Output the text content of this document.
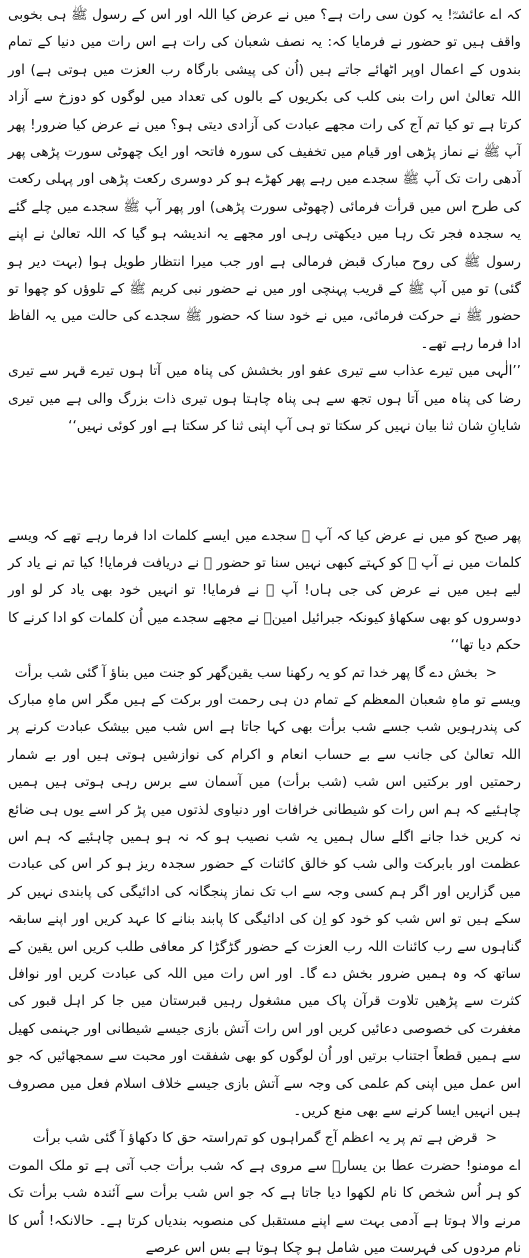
کہ اے عائشہؓ! یہ کون سی رات ہے؟ میں نے عرض کیا اللہ اور اس کے رسول ﷺ ہی بخوبی واقف ہیں تو حضور نے فرمایا کہ: یہ نصف شعبان کی رات ہے اس رات میں دنیا کے تمام بندوں کے اعمال اوپر اٹھائے جاتے ہیں (اُن کی پیشی بارگاہ رب العزت میں ہوتی ہے) اور اللہ تعالیٰ اس رات بنی کلب کی بکریوں کے بالوں کی تعداد میں لوگوں کو دوزخ سے آزاد کرتا ہے تو کیا تم آج کی رات مجھے عبادت کی آزادی دیتی ہو؟ میں نے عرض کیا ضرور! پھر آپ ﷺ نے نماز پڑھی اور قیام میں تخفیف کی سورہ فاتحہ اور ایک چھوٹی سورت پڑھی پھر آدھی رات تک آپ ﷺ سجدے میں رہے پھر کھڑے ہو کر دوسری رکعت پڑھی اور پہلی رکعت کی طرح اس میں قرأت فرمائی (چھوٹی سورت پڑھی) اور پھر آپ ﷺ سجدے میں چلے گئے یہ سجدہ فجر تک رہا میں دیکھتی رہی اور مجھے یہ اندیشہ ہو گیا کہ اللہ تعالیٰ نے اپنے رسول ﷺ کی روح مبارک قبض فرمالی ہے اور جب میرا انتظار طویل ہوا (بہت دیر ہو گئی) تو میں آپ ﷺ کے قریب پہنچی اور میں نے حضور نبی کریم ﷺ کے تلوؤں کو چھوا تو حضور ﷺ نے حرکت فرمائی، میں نے خود سنا کہ حضور ﷺ سجدے کی حالت میں یہ الفاظ ادا فرما رہے تھے۔

’’الٰہی میں تیرے عذاب سے تیری عفو اور بخشش کی پناہ میں آتا ہوں تیرے قہر سے تیری رضا کی پناہ میں آتا ہوں تجھ سے ہی پناہ چاہتا ہوں تیری ذات بزرگ والی ہے میں تیری شایانِ شان ثنا بیان نہیں کر سکتا تو ہی آپ اپنی ثنا کر سکتا ہے اور کوئی نہیں‘‘

پھر صبح کو میں نے عرض کیا کہ آپ ﷺ سجدے میں ایسے کلمات ادا فرما رہے تھے کہ ویسے کلمات میں نے آپ ﷺ کو کہتے کبھی نہیں سنا تو حضور ﷺ نے دریافت فرمایا! کیا تم نے یاد کر لیے ہیں میں نے عرض کی جی ہاں! آپ ﷺ نے فرمایا! تو انہیں خود بھی یاد کر لو اور دوسروں کو بھی سکھاؤ کیونکہ جبرائیل امینؑ نے مجھے سجدے میں اُن کلمات کو ادا کرنے کا حکم دیا تھا‘‘

<بخش دے گا پھر خدا تم کو یہ رکھنا سب یقین
گھر کو جنت میں بناؤ آ گئی شب برأت

ویسے تو ماہِ شعبان المعظم کے تمام دن ہی رحمت اور برکت کے ہیں مگر اس ماہِ مبارک کی پندرہویں شب جسے شب برأت بھی کہا جاتا ہے اس شب میں بیشک عبادت کرنے پر اللہ تعالیٰ کی جانب سے بے حساب انعام و اکرام کی نوازشیں ہوتی ہیں اور بے شمار رحمتیں اور برکتیں اس شب (شب برأت) میں آسمان سے برس رہی ہوتی ہیں ہمیں چاہئیے کہ ہم اس رات کو شیطانی خرافات اور دنیاوی لذتوں میں پڑ کر اسے یوں ہی ضائع نہ کریں خدا جانے اگلے سال ہمیں یہ شب نصیب ہو کہ نہ ہو ہمیں چاہئیے کہ ہم اس عظمت اور بابرکت والی شب کو خالق کائنات کے حضور سجدہ ریز ہو کر اس کی عبادت میں گزاریں اور اگر ہم کسی وجہ سے اب تک نماز پنجگانہ کی ادائیگی کی پابندی نہیں کر سکے ہیں تو اس شب کو خود کو اِن کی ادائیگی کا پابند بنانے کا عہد کریں اور اپنے سابقہ گناہوں سے رب کائنات اللہ رب العزت کے حضور گڑگڑا کر معافی طلب کریں اس یقین کے ساتھ کہ وہ ہمیں ضرور بخش دے گا۔ اور اس رات میں اللہ کی عبادت کریں اور نوافل کثرت سے پڑھیں تلاوت قرآن پاک میں مشغول رہیں قبرستان میں جا کر اہل قبور کی مغفرت کی خصوصی دعائیں کریں اور اس رات آتش بازی جیسے شیطانی اور جہنمی کھیل سے ہمیں قطعاً اجتناب برتیں اور اُن لوگوں کو بھی شفقت اور محبت سے سمجھائیں کہ جو اس عمل میں اپنی کم علمی کی وجہ سے آتش بازی جیسے خلاف اسلام فعل میں مصروف ہیں انہیں ایسا کرنے سے بھی منع کریں۔

<قرض ہے تم پر یہ اعظم آج گمراہوں کو تم
راستہ حق کا دکھاؤ آ گئی شب برأت

اے مومنو! حضرت عطا بن یسارؓ سے مروی ہے کہ شب برأت جب آتی ہے تو ملک الموت کو ہر اُس شخص کا نام لکھوا دیا جاتا ہے کہ جو اس شب برأت سے آئندہ شب برأت تک مرنے والا ہوتا ہے آدمی بہت سے اپنے مستقبل کی منصوبہ بندیاں کرتا ہے۔ حالانکہ! اُس کا نام مردوں کی فہرست میں شامل ہو چکا ہوتا ہے بس اس عرصے
